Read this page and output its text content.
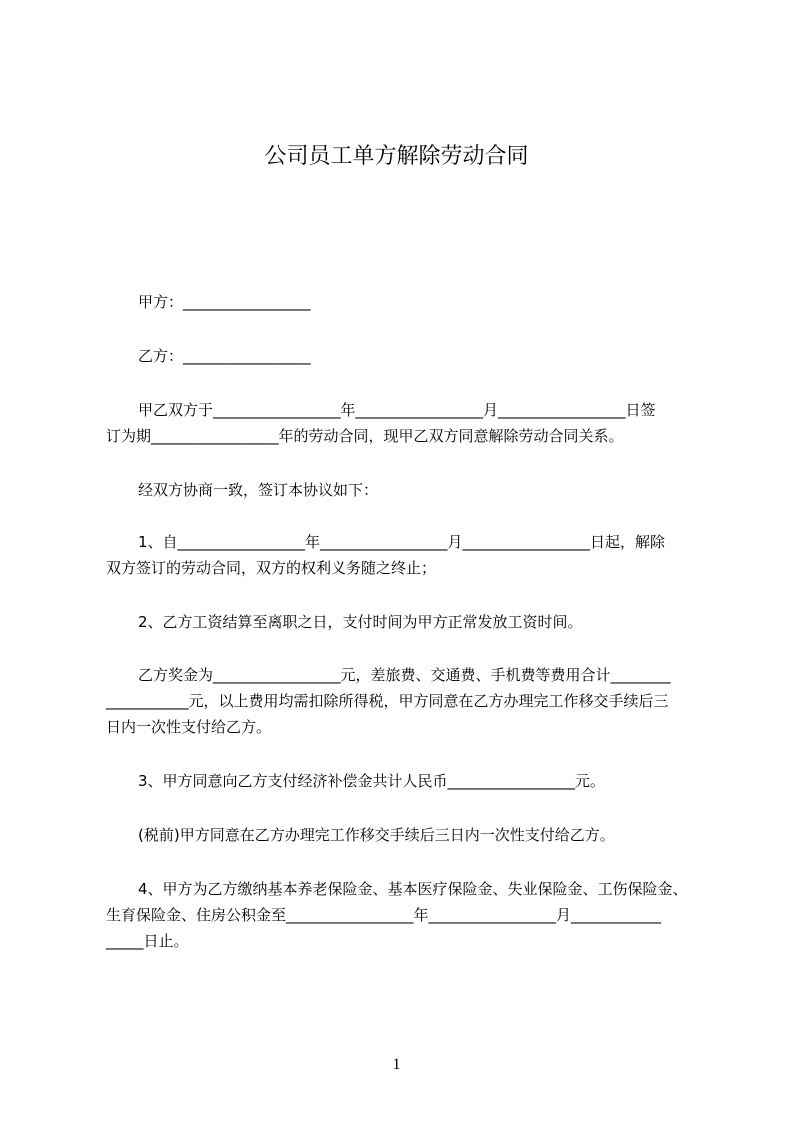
公司员工单方解除劳动合同
甲方：_________________
乙方：_________________
甲乙双方于_________________年_________________月_________________日签
订为期_________________年的劳动合同，现甲乙双方同意解除劳动合同关系。
经双方协商一致，签订本协议如下：
1、自_________________年_________________月_________________日起，解除
双方签订的劳动合同，双方的权利义务随之终止；
2、乙方工资结算至离职之日，支付时间为甲方正常发放工资时间。
乙方奖金为_________________元，差旅费、交通费、手机费等费用合计________
___________元，以上费用均需扣除所得税，甲方同意在乙方办理完工作移交手续后三
日内一次性支付给乙方。
3、甲方同意向乙方支付经济补偿金共计人民币_________________元。
(税前)甲方同意在乙方办理完工作移交手续后三日内一次性支付给乙方。
4、甲方为乙方缴纳基本养老保险金、基本医疗保险金、失业保险金、工伤保险金、
生育保险金、住房公积金至_________________年_________________月____________
_____日止。
1
